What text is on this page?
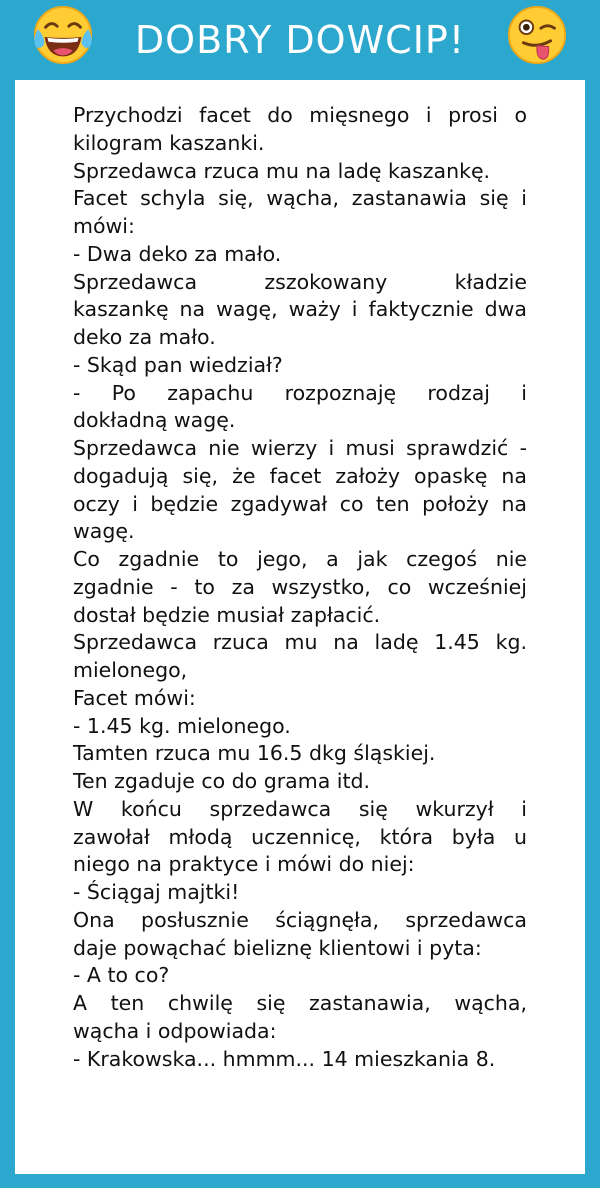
DOBRY DOWCIP!
Przychodzi facet do mięsnego i prosi o
kilogram kaszanki.
Sprzedawca rzuca mu na ladę kaszankę.
Facet schyla się, wącha, zastanawia się i
mówi:
- Dwa deko za mało.
Sprzedawca zszokowany kładzie
kaszankę na wagę, waży i faktycznie dwa
deko za mało.
- Skąd pan wiedział?
- Po zapachu rozpoznaję rodzaj i
dokładną wagę.
Sprzedawca nie wierzy i musi sprawdzić -
dogadują się, że facet założy opaskę na
oczy i będzie zgadywał co ten położy na
wagę.
Co zgadnie to jego, a jak czegoś nie
zgadnie - to za wszystko, co wcześniej
dostał będzie musiał zapłacić.
Sprzedawca rzuca mu na ladę 1.45 kg.
mielonego,
Facet mówi:
- 1.45 kg. mielonego.
Tamten rzuca mu 16.5 dkg śląskiej.
Ten zgaduje co do grama itd.
W końcu sprzedawca się wkurzył i
zawołał młodą uczennicę, która była u
niego na praktyce i mówi do niej:
- Ściągaj majtki!
Ona posłusznie ściągnęła, sprzedawca
daje powąchać bieliznę klientowi i pyta:
- A to co?
A ten chwilę się zastanawia, wącha,
wącha i odpowiada:
- Krakowska... hmmm... 14 mieszkania 8.
